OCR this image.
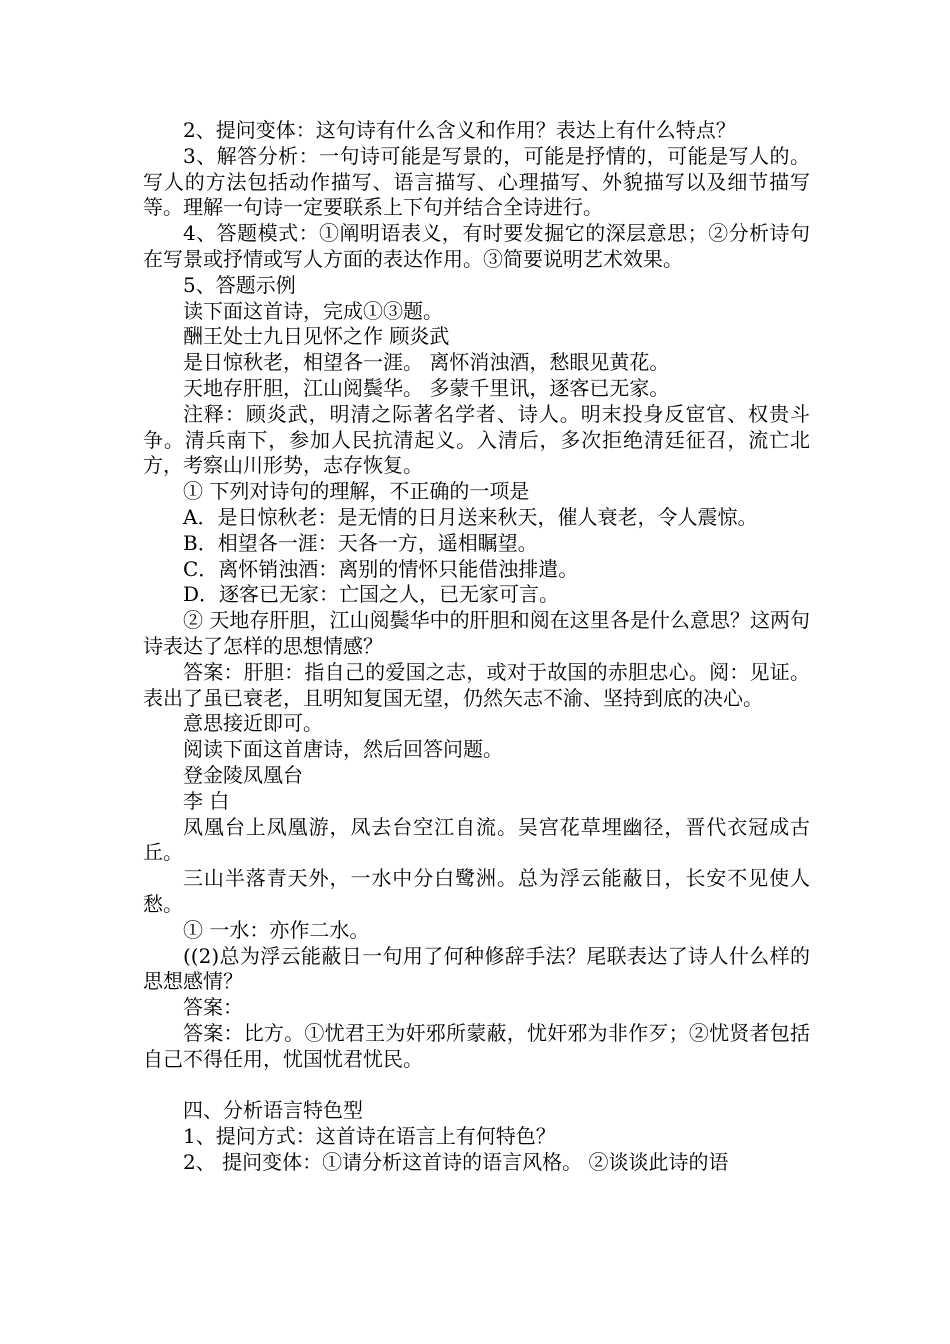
2、提问变体：这句诗有什么含义和作用？表达上有什么特点？

3、解答分析：一句诗可能是写景的，可能是抒情的，可能是写人的。写人的方法包括动作描写、语言描写、心理描写、外貌描写以及细节描写等。理解一句诗一定要联系上下句并结合全诗进行。

4、答题模式：①阐明语表义，有时要发掘它的深层意思；②分析诗句在写景或抒情或写人方面的表达作用。③简要说明艺术效果。

5、答题示例

读下面这首诗，完成①③题。

酬王处士九日见怀之作 顾炎武

是日惊秋老，相望各一涯。 离怀消浊酒，愁眼见黄花。

天地存肝胆，江山阅鬓华。 多蒙千里讯，逐客已无家。

注释：顾炎武，明清之际著名学者、诗人。明末投身反宦官、权贵斗争。清兵南下，参加人民抗清起义。入清后，多次拒绝清廷征召，流亡北方，考察山川形势，志存恢复。

① 下列对诗句的理解，不正确的一项是

A．是日惊秋老：是无情的日月送来秋天，催人衰老，令人震惊。

B．相望各一涯：天各一方，遥相瞩望。

C．离怀销浊酒：离别的情怀只能借浊排遣。

D．逐客已无家：亡国之人，已无家可言。

② 天地存肝胆，江山阅鬓华中的肝胆和阅在这里各是什么意思？这两句诗表达了怎样的思想情感？

答案：肝胆：指自己的爱国之志，或对于故国的赤胆忠心。阅：见证。表出了虽已衰老，且明知复国无望，仍然矢志不渝、坚持到底的决心。

意思接近即可。

阅读下面这首唐诗，然后回答问题。

登金陵凤凰台

李 白

凤凰台上凤凰游，凤去台空江自流。吴宫花草埋幽径，晋代衣冠成古丘。

三山半落青天外，一水中分白鹭洲。总为浮云能蔽日，长安不见使人愁。

① 一水：亦作二水。

((2)总为浮云能蔽日一句用了何种修辞手法？尾联表达了诗人什么样的思想感情？

答案：

答案：比方。①忧君王为奸邪所蒙蔽，忧奸邪为非作歹；②忧贤者包括自己不得任用，忧国忧君忧民。

四、分析语言特色型

1、提问方式：这首诗在语言上有何特色？

2、 提问变体：①请分析这首诗的语言风格。 ②谈谈此诗的语
